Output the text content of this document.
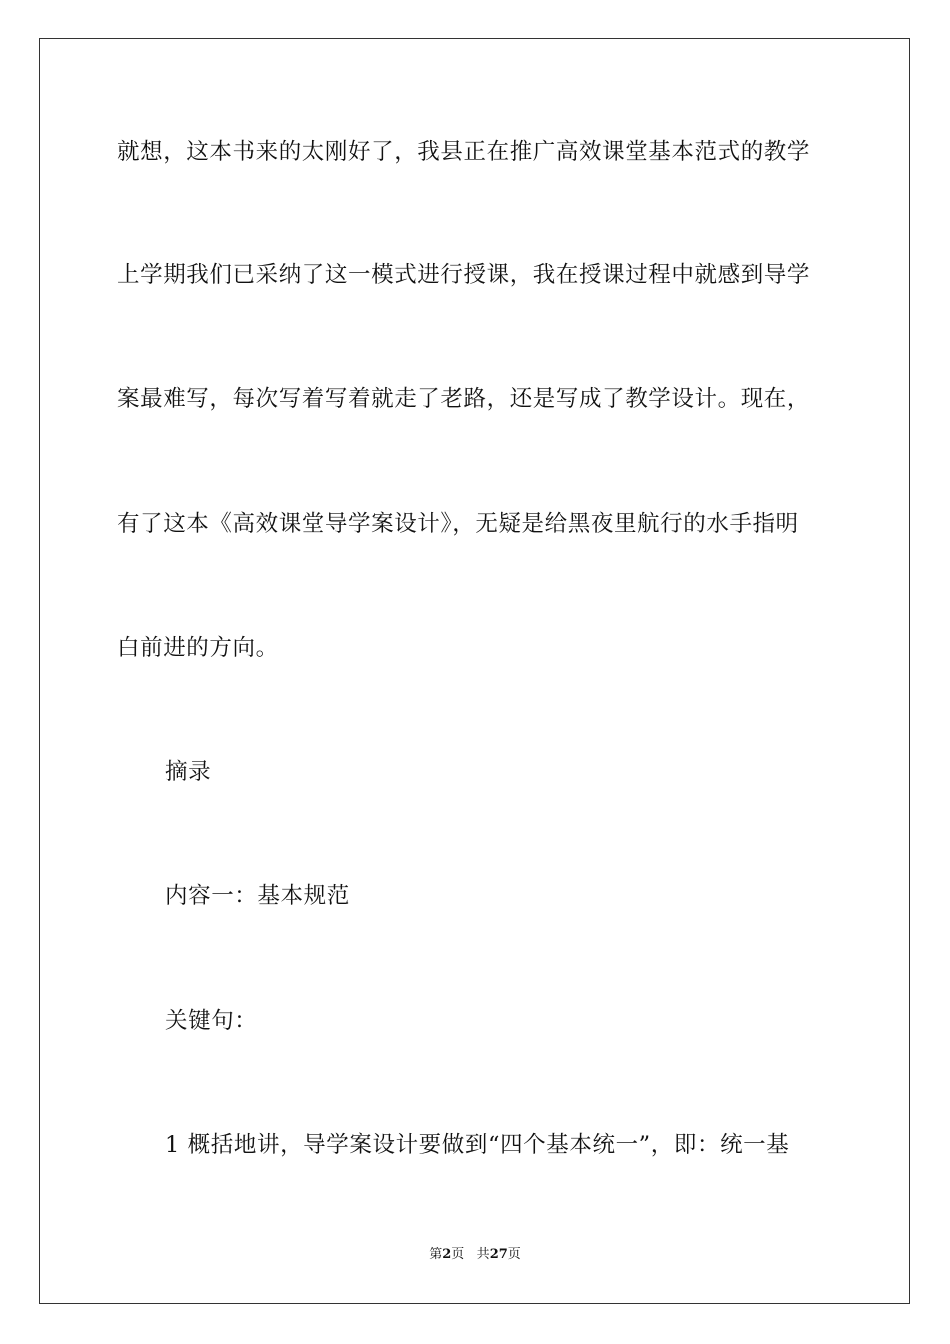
就想，这本书来的太刚好了，我县正在推广高效课堂基本范式的教学
上学期我们已采纳了这一模式进行授课，我在授课过程中就感到导学
案最难写，每次写着写着就走了老路，还是写成了教学设计。现在，
有了这本《高效课堂导学案设计》，无疑是给黑夜里航行的水手指明
白前进的方向。
摘录
内容一：基本规范
关键句：
1 概括地讲，导学案设计要做到“四个基本统一”，即：统一基
第2页 共27页
